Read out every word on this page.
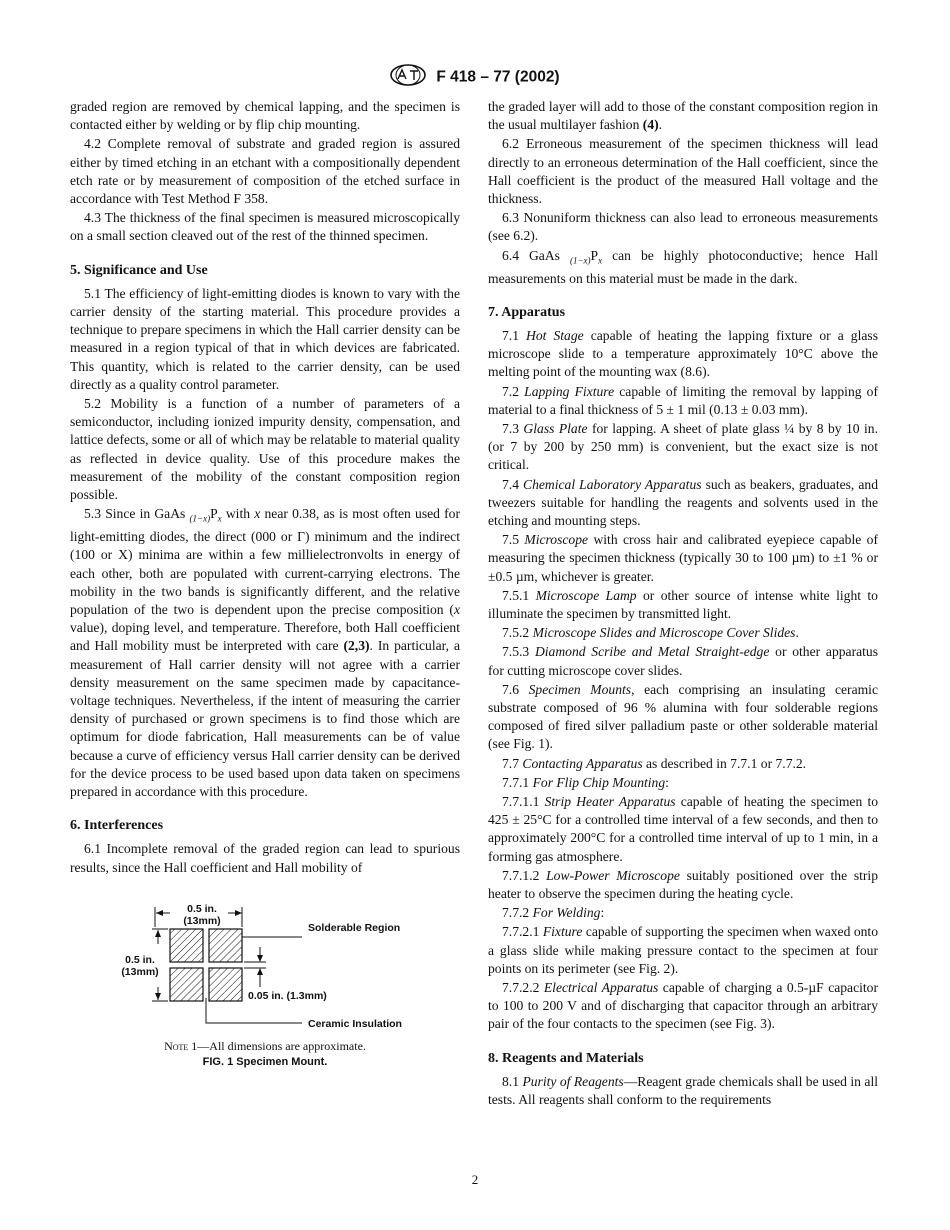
F 418 – 77 (2002)

graded region are removed by chemical lapping, and the specimen is contacted either by welding or by flip chip mounting.

4.2 Complete removal of substrate and graded region is assured either by timed etching in an etchant with a compositionally dependent etch rate or by measurement of composition of the etched surface in accordance with Test Method F 358.

4.3 The thickness of the final specimen is measured microscopically on a small section cleaved out of the rest of the thinned specimen.

5. Significance and Use

5.1 The efficiency of light-emitting diodes is known to vary with the carrier density of the starting material. This procedure provides a technique to prepare specimens in which the Hall carrier density can be measured in a region typical of that in which devices are fabricated. This quantity, which is related to the carrier density, can be used directly as a quality control parameter.

5.2 Mobility is a function of a number of parameters of a semiconductor, including ionized impurity density, compensation, and lattice defects, some or all of which may be relatable to material quality as reflected in device quality. Use of this procedure makes the measurement of the mobility of the constant composition region possible.

5.3 Since in GaAs $_{(1-x)}P_x$ with x near 0.38, as is most often used for light-emitting diodes, the direct (000 or Γ) minimum and the indirect (100 or X) minima are within a few millielectronvolts in energy of each other, both are populated with current-carrying electrons. The mobility in the two bands is significantly different, and the relative population of the two is dependent upon the precise composition (x value), doping level, and temperature. Therefore, both Hall coefficient and Hall mobility must be interpreted with care (2,3). In particular, a measurement of Hall carrier density will not agree with a carrier density measurement on the same specimen made by capacitance-voltage techniques. Nevertheless, if the intent of measuring the carrier density of purchased or grown specimens is to find those which are optimum for diode fabrication, Hall measurements can be of value because a curve of efficiency versus Hall carrier density can be derived for the device process to be used based upon data taken on specimens prepared in accordance with this procedure.

6. Interferences

6.1 Incomplete removal of the graded region can lead to spurious results, since the Hall coefficient and Hall mobility of

0.5 in.
(13mm)
0.5 in.
(13mm)
Solderable Region
0.05 in. (1.3mm)
Ceramic Insulation
Note 1—All dimensions are approximate.
FIG. 1 Specimen Mount.

the graded layer will add to those of the constant composition region in the usual multilayer fashion (4).

6.2 Erroneous measurement of the specimen thickness will lead directly to an erroneous determination of the Hall coefficient, since the Hall coefficient is the product of the measured Hall voltage and the thickness.

6.3 Nonuniform thickness can also lead to erroneous measurements (see 6.2).

6.4 GaAs $_{(1-x)}P_x$ can be highly photoconductive; hence Hall measurements on this material must be made in the dark.

7. Apparatus

7.1 Hot Stage capable of heating the lapping fixture or a glass microscope slide to a temperature approximately 10°C above the melting point of the mounting wax (8.6).

7.2 Lapping Fixture capable of limiting the removal by lapping of material to a final thickness of 5 ± 1 mil (0.13 ± 0.03 mm).

7.3 Glass Plate for lapping. A sheet of plate glass ¼ by 8 by 10 in. (or 7 by 200 by 250 mm) is convenient, but the exact size is not critical.

7.4 Chemical Laboratory Apparatus such as beakers, graduates, and tweezers suitable for handling the reagents and solvents used in the etching and mounting steps.

7.5 Microscope with cross hair and calibrated eyepiece capable of measuring the specimen thickness (typically 30 to 100 µm) to ±1 % or ±0.5 µm, whichever is greater.

7.5.1 Microscope Lamp or other source of intense white light to illuminate the specimen by transmitted light.

7.5.2 Microscope Slides and Microscope Cover Slides.

7.5.3 Diamond Scribe and Metal Straight-edge or other apparatus for cutting microscope cover slides.

7.6 Specimen Mounts, each comprising an insulating ceramic substrate composed of 96 % alumina with four solderable regions composed of fired silver palladium paste or other solderable material (see Fig. 1).

7.7 Contacting Apparatus as described in 7.7.1 or 7.7.2.

7.7.1 For Flip Chip Mounting:

7.7.1.1 Strip Heater Apparatus capable of heating the specimen to 425 ± 25°C for a controlled time interval of a few seconds, and then to approximately 200°C for a controlled time interval of up to 1 min, in a forming gas atmosphere.

7.7.1.2 Low-Power Microscope suitably positioned over the strip heater to observe the specimen during the heating cycle.

7.7.2 For Welding:

7.7.2.1 Fixture capable of supporting the specimen when waxed onto a glass slide while making pressure contact to the specimen at four points on its perimeter (see Fig. 2).

7.7.2.2 Electrical Apparatus capable of charging a 0.5-µF capacitor to 100 to 200 V and of discharging that capacitor through an arbitrary pair of the four contacts to the specimen (see Fig. 3).

8. Reagents and Materials

8.1 Purity of Reagents—Reagent grade chemicals shall be used in all tests. All reagents shall conform to the requirements

2
